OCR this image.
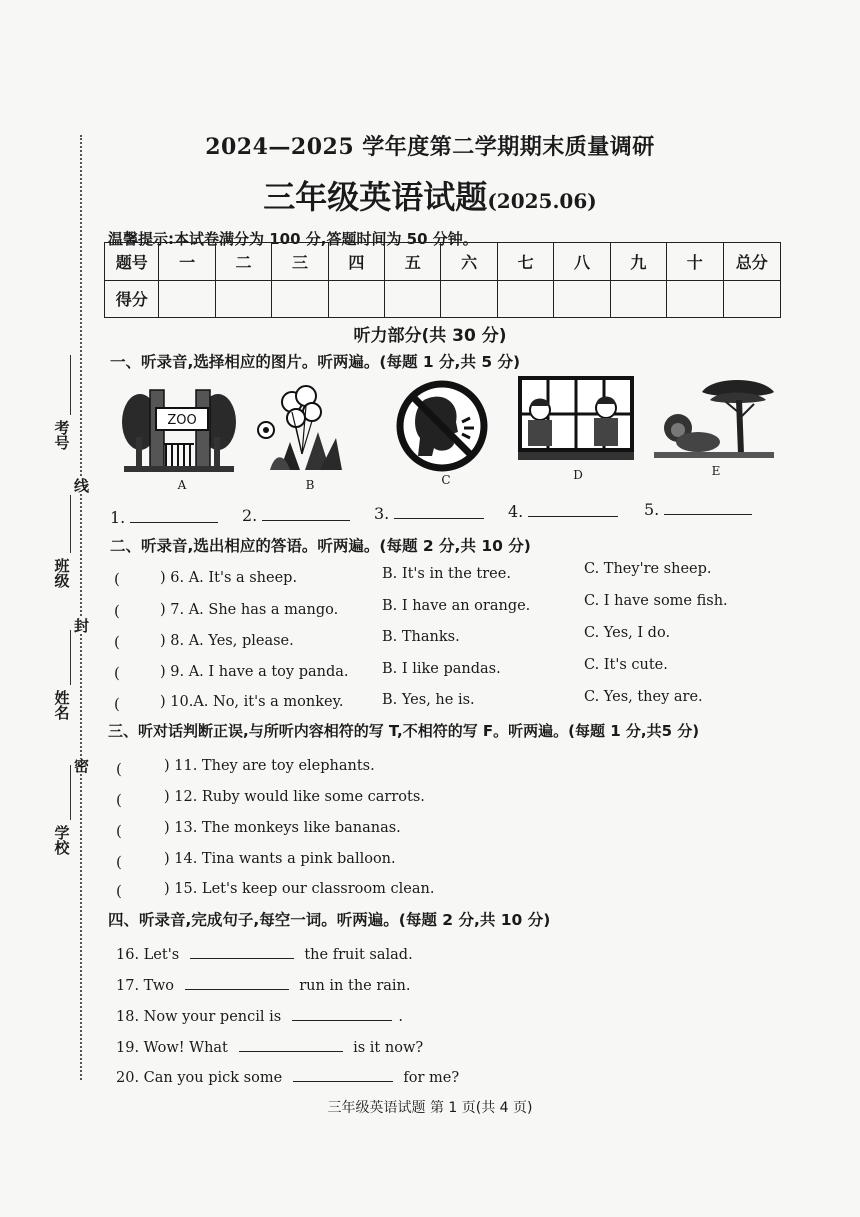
线
封
密
考号
班级
姓名
学校
2024—2025 学年度第二学期期末质量调研
三年级英语试题(2025.06)
温馨提示:本试卷满分为 100 分,答题时间为 50 分钟。
题号	一	二	三	四	五	六	七	八	九	十	总分
得分											
听力部分(共 30 分)
一、听录音,选择相应的图片。听两遍。(每题 1 分,共 5 分)
ZOO
A	B	C	D	E
1.	2.	3.	4.	5.
二、听录音,选出相应的答语。听两遍。(每题 2 分,共 10 分)
(	) 6. A. It's a sheep.	B. It's in the tree.	C. They're sheep.
(	) 7. A. She has a mango.	B. I have an orange.	C. I have some fish.
(	) 8. A. Yes, please.	B. Thanks.	C. Yes, I do.
(	) 9. A. I have a toy panda. B. I like pandas.	C. It's cute.
(	) 10.A. No, it's a monkey.	B. Yes, he is.	C. Yes, they are.
三、听对话判断正误,与所听内容相符的写 T,不相符的写 F。听两遍。(每题 1 分,共5 分)
(	) 11. They are toy elephants.
(	) 12. Ruby would like some carrots.
(	) 13. The monkeys like bananas.
(	) 14. Tina wants a pink balloon.
(	) 15. Let's keep our classroom clean.
四、听录音,完成句子,每空一词。听两遍。(每题 2 分,共 10 分)
16. Let's	the fruit salad.
17. Two	run in the rain.
18. Now your pencil is	.
19. Wow! What	is it now?
20. Can you pick some	for me?
三年级英语试题 第 1 页(共 4 页)
